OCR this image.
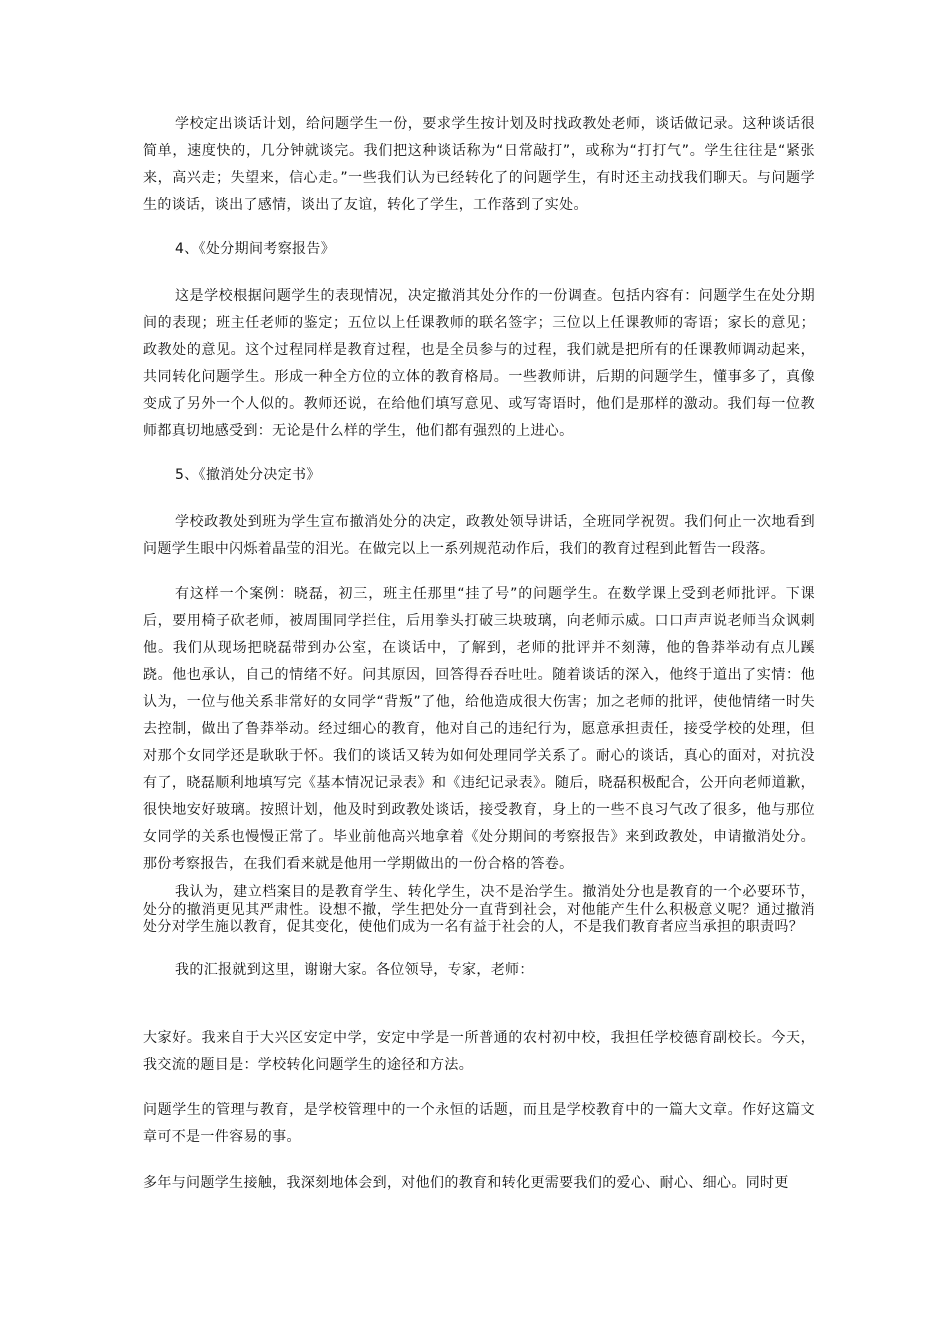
学校定出谈话计划，给问题学生一份，要求学生按计划及时找政教处老师，谈话做记录。这种谈话很简单，速度快的，几分钟就谈完。我们把这种谈话称为“日常敲打”，或称为“打打气”。学生往往是“紧张来，高兴走；失望来，信心走。”一些我们认为已经转化了的问题学生，有时还主动找我们聊天。与问题学生的谈话，谈出了感情，谈出了友谊，转化了学生，工作落到了实处。

4、《处分期间考察报告》

这是学校根据问题学生的表现情况，决定撤消其处分作的一份调查。包括内容有：问题学生在处分期间的表现；班主任老师的鉴定；五位以上任课教师的联名签字；三位以上任课教师的寄语；家长的意见；政教处的意见。这个过程同样是教育过程，也是全员参与的过程，我们就是把所有的任课教师调动起来，共同转化问题学生。形成一种全方位的立体的教育格局。一些教师讲，后期的问题学生，懂事多了，真像变成了另外一个人似的。教师还说，在给他们填写意见、或写寄语时，他们是那样的激动。我们每一位教师都真切地感受到：无论是什么样的学生，他们都有强烈的上进心。

5、《撤消处分决定书》

学校政教处到班为学生宣布撤消处分的决定，政教处领导讲话，全班同学祝贺。我们何止一次地看到问题学生眼中闪烁着晶莹的泪光。在做完以上一系列规范动作后，我们的教育过程到此暂告一段落。

有这样一个案例：晓磊，初三，班主任那里“挂了号”的问题学生。在数学课上受到老师批评。下课后，要用椅子砍老师，被周围同学拦住，后用拳头打破三块玻璃，向老师示威。口口声声说老师当众讽刺他。我们从现场把晓磊带到办公室，在谈话中，了解到，老师的批评并不刻薄，他的鲁莽举动有点儿蹊跷。他也承认，自己的情绪不好。问其原因，回答得吞吞吐吐。随着谈话的深入，他终于道出了实情：他认为，一位与他关系非常好的女同学“背叛”了他，给他造成很大伤害；加之老师的批评，使他情绪一时失去控制，做出了鲁莽举动。经过细心的教育，他对自己的违纪行为，愿意承担责任，接受学校的处理，但对那个女同学还是耿耿于怀。我们的谈话又转为如何处理同学关系了。耐心的谈话，真心的面对，对抗没有了，晓磊顺利地填写完《基本情况记录表》和《违纪记录表》。随后，晓磊积极配合，公开向老师道歉，很快地安好玻璃。按照计划，他及时到政教处谈话，接受教育，身上的一些不良习气改了很多，他与那位女同学的关系也慢慢正常了。毕业前他高兴地拿着《处分期间的考察报告》来到政教处，申请撤消处分。那份考察报告，在我们看来就是他用一学期做出的一份合格的答卷。

我认为，建立档案目的是教育学生、转化学生，决不是治学生。撤消处分也是教育的一个必要环节，处分的撤消更见其严肃性。设想不撤，学生把处分一直背到社会，对他能产生什么积极意义呢？通过撤消处分对学生施以教育，促其变化，使他们成为一名有益于社会的人，不是我们教育者应当承担的职责吗？

我的汇报就到这里，谢谢大家。各位领导，专家，老师：

大家好。我来自于大兴区安定中学，安定中学是一所普通的农村初中校，我担任学校德育副校长。今天，我交流的题目是：学校转化问题学生的途径和方法。

问题学生的管理与教育，是学校管理中的一个永恒的话题，而且是学校教育中的一篇大文章。作好这篇文章可不是一件容易的事。

多年与问题学生接触，我深刻地体会到，对他们的教育和转化更需要我们的爱心、耐心、细心。同时更
